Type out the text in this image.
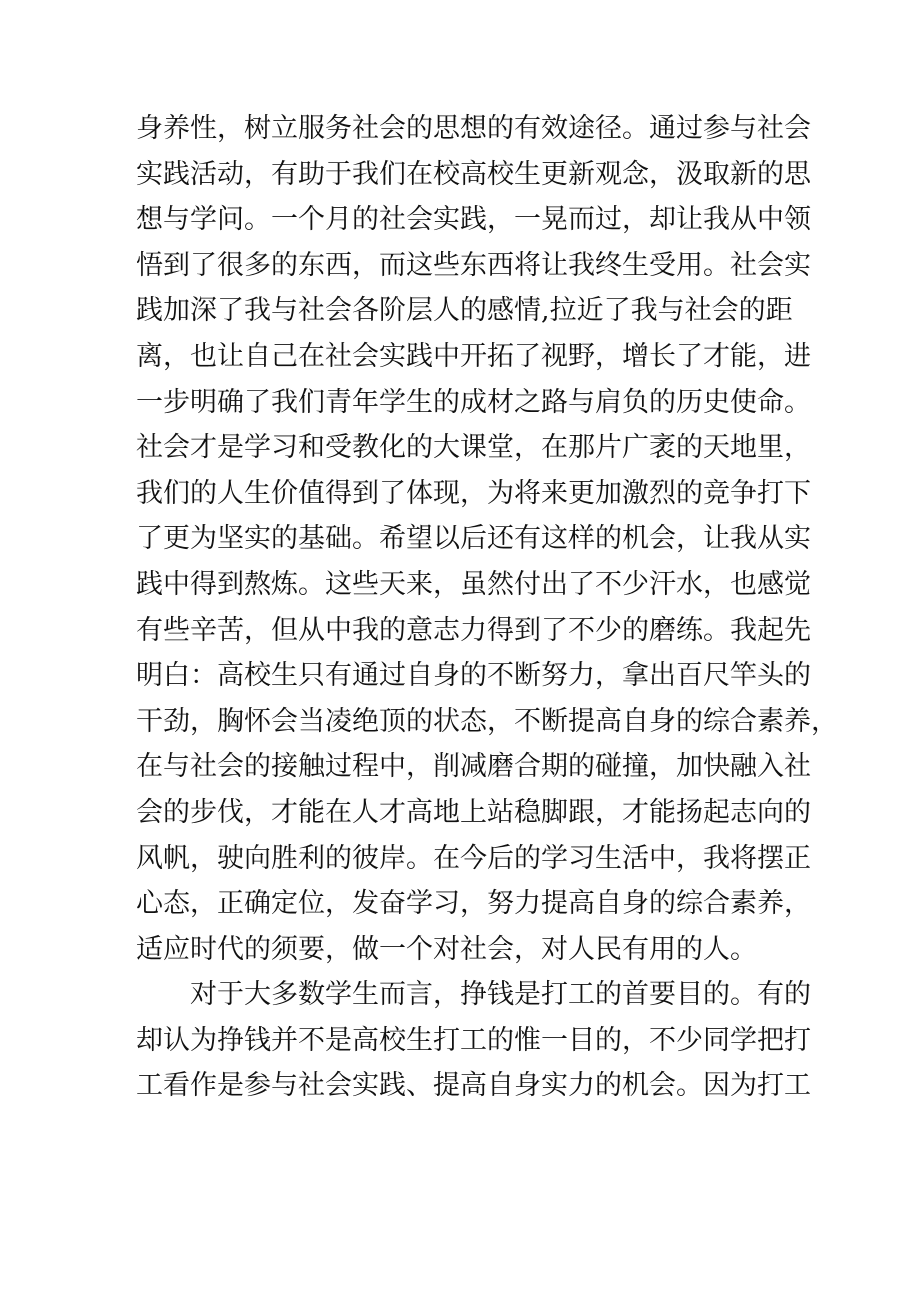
身养性，树立服务社会的思想的有效途径。通过参与社会
实践活动，有助于我们在校高校生更新观念，汲取新的思
想与学问。一个月的社会实践，一晃而过，却让我从中领
悟到了很多的东西，而这些东西将让我终生受用。社会实
践加深了我与社会各阶层人的感情,拉近了我与社会的距
离，也让自己在社会实践中开拓了视野，增长了才能，进
一步明确了我们青年学生的成材之路与肩负的历史使命。
社会才是学习和受教化的大课堂，在那片广袤的天地里，
我们的人生价值得到了体现，为将来更加激烈的竞争打下
了更为坚实的基础。希望以后还有这样的机会，让我从实
践中得到熬炼。这些天来，虽然付出了不少汗水，也感觉
有些辛苦，但从中我的意志力得到了不少的磨练。我起先
明白：高校生只有通过自身的不断努力，拿出百尺竿头的
干劲，胸怀会当凌绝顶的状态，不断提高自身的综合素养，
在与社会的接触过程中，削减磨合期的碰撞，加快融入社
会的步伐，才能在人才高地上站稳脚跟，才能扬起志向的
风帆，驶向胜利的彼岸。在今后的学习生活中，我将摆正
心态，正确定位，发奋学习，努力提高自身的综合素养，
适应时代的须要，做一个对社会，对人民有用的人。
对于大多数学生而言，挣钱是打工的首要目的。有的
却认为挣钱并不是高校生打工的惟一目的，不少同学把打
工看作是参与社会实践、提高自身实力的机会。因为打工
